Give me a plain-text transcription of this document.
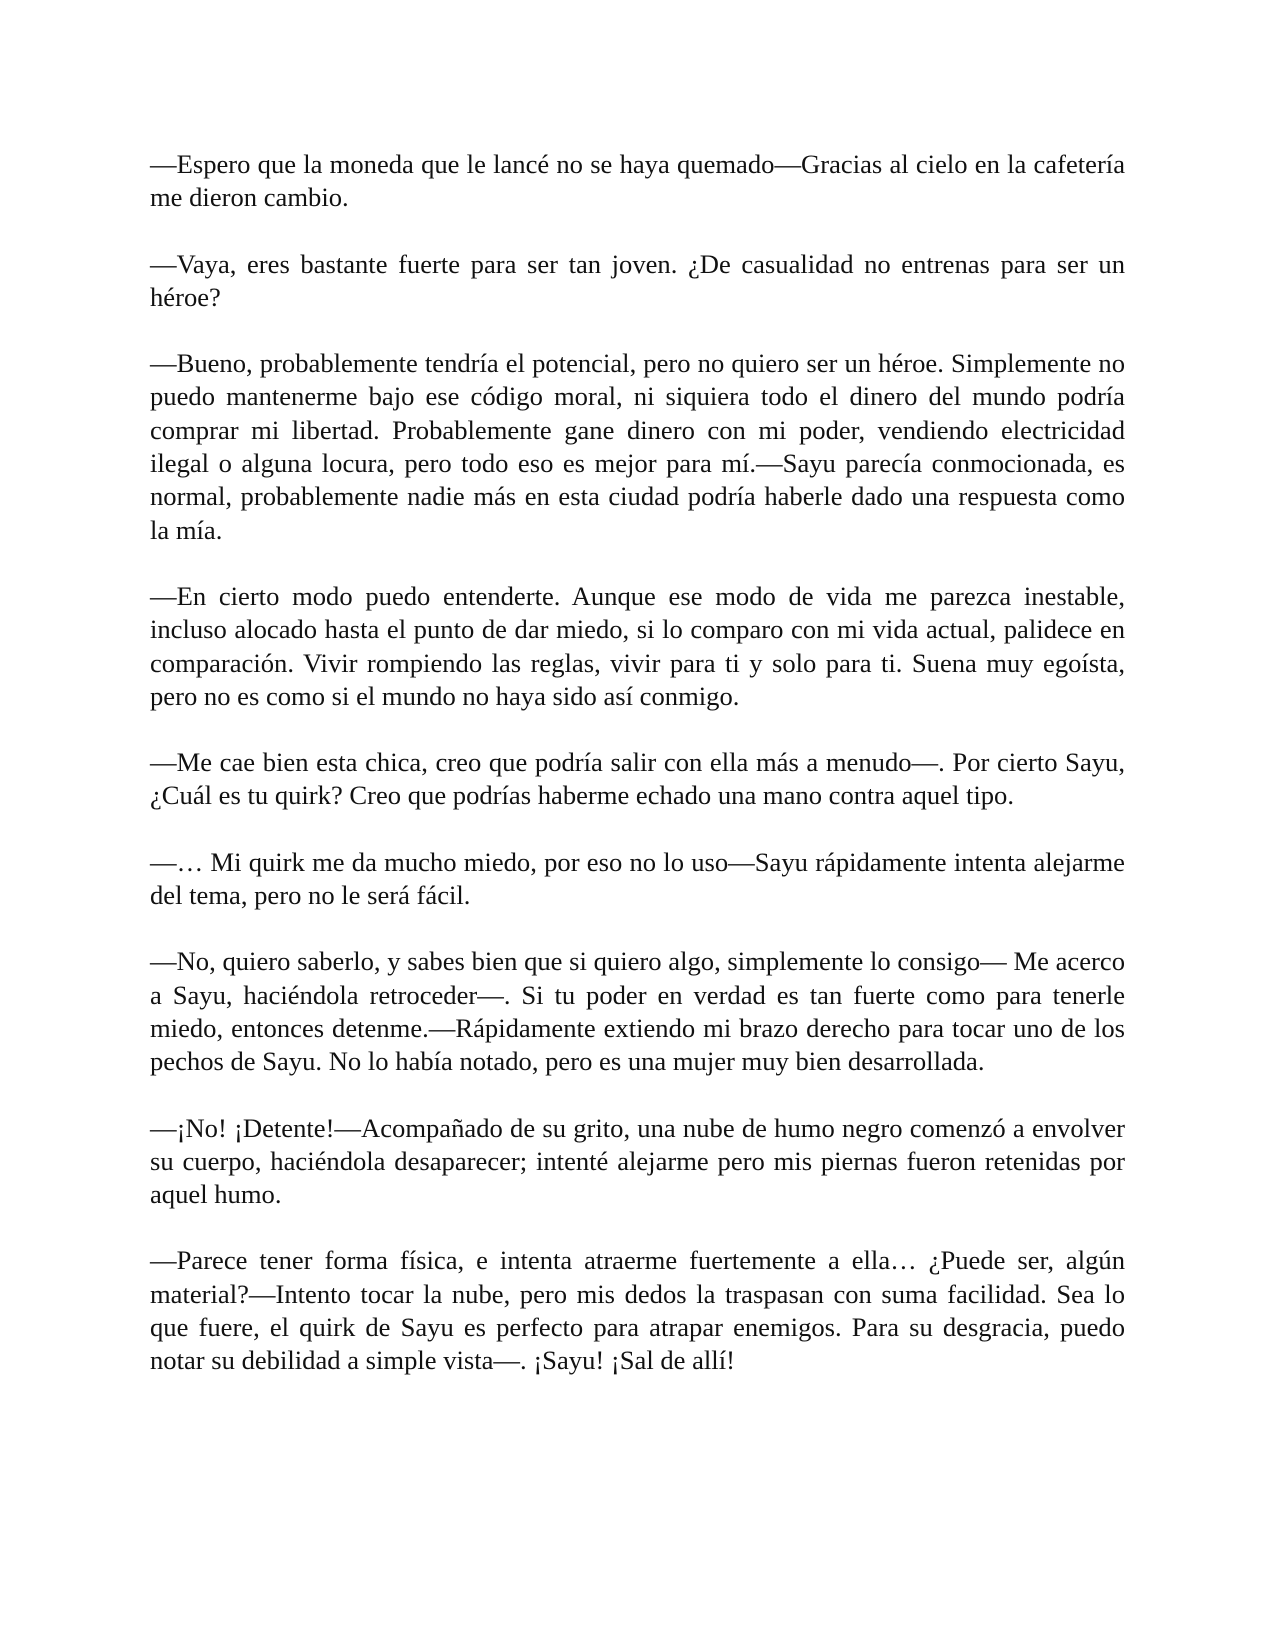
—Espero que la moneda que le lancé no se haya quemado—Gracias al cielo en la cafetería me dieron cambio.

—Vaya, eres bastante fuerte para ser tan joven. ¿De casualidad no entrenas para ser un héroe?

—Bueno, probablemente tendría el potencial, pero no quiero ser un héroe. Simplemente no puedo mantenerme bajo ese código moral, ni siquiera todo el dinero del mundo podría comprar mi libertad. Probablemente gane dinero con mi poder, vendiendo electricidad ilegal o alguna locura, pero todo eso es mejor para mí.—Sayu parecía conmocionada, es normal, probablemente nadie más en esta ciudad podría haberle dado una respuesta como la mía.

—En cierto modo puedo entenderte. Aunque ese modo de vida me parezca inestable, incluso alocado hasta el punto de dar miedo, si lo comparo con mi vida actual, palidece en comparación. Vivir rompiendo las reglas, vivir para ti y solo para ti. Suena muy egoísta, pero no es como si el mundo no haya sido así conmigo.

—Me cae bien esta chica, creo que podría salir con ella más a menudo—. Por cierto Sayu, ¿Cuál es tu quirk? Creo que podrías haberme echado una mano contra aquel tipo.

—… Mi quirk me da mucho miedo, por eso no lo uso—Sayu rápidamente intenta alejarme del tema, pero no le será fácil.

—No, quiero saberlo, y sabes bien que si quiero algo, simplemente lo consigo— Me acerco a Sayu, haciéndola retroceder—. Si tu poder en verdad es tan fuerte como para tenerle miedo, entonces detenme.—Rápidamente extiendo mi brazo derecho para tocar uno de los pechos de Sayu. No lo había notado, pero es una mujer muy bien desarrollada.

—¡No! ¡Detente!—Acompañado de su grito, una nube de humo negro comenzó a envolver su cuerpo, haciéndola desaparecer; intenté alejarme pero mis piernas fueron retenidas por aquel humo.

—Parece tener forma física, e intenta atraerme fuertemente a ella… ¿Puede ser, algún material?—Intento tocar la nube, pero mis dedos la traspasan con suma facilidad. Sea lo que fuere, el quirk de Sayu es perfecto para atrapar enemigos. Para su desgracia, puedo notar su debilidad a simple vista—. ¡Sayu! ¡Sal de allí!
